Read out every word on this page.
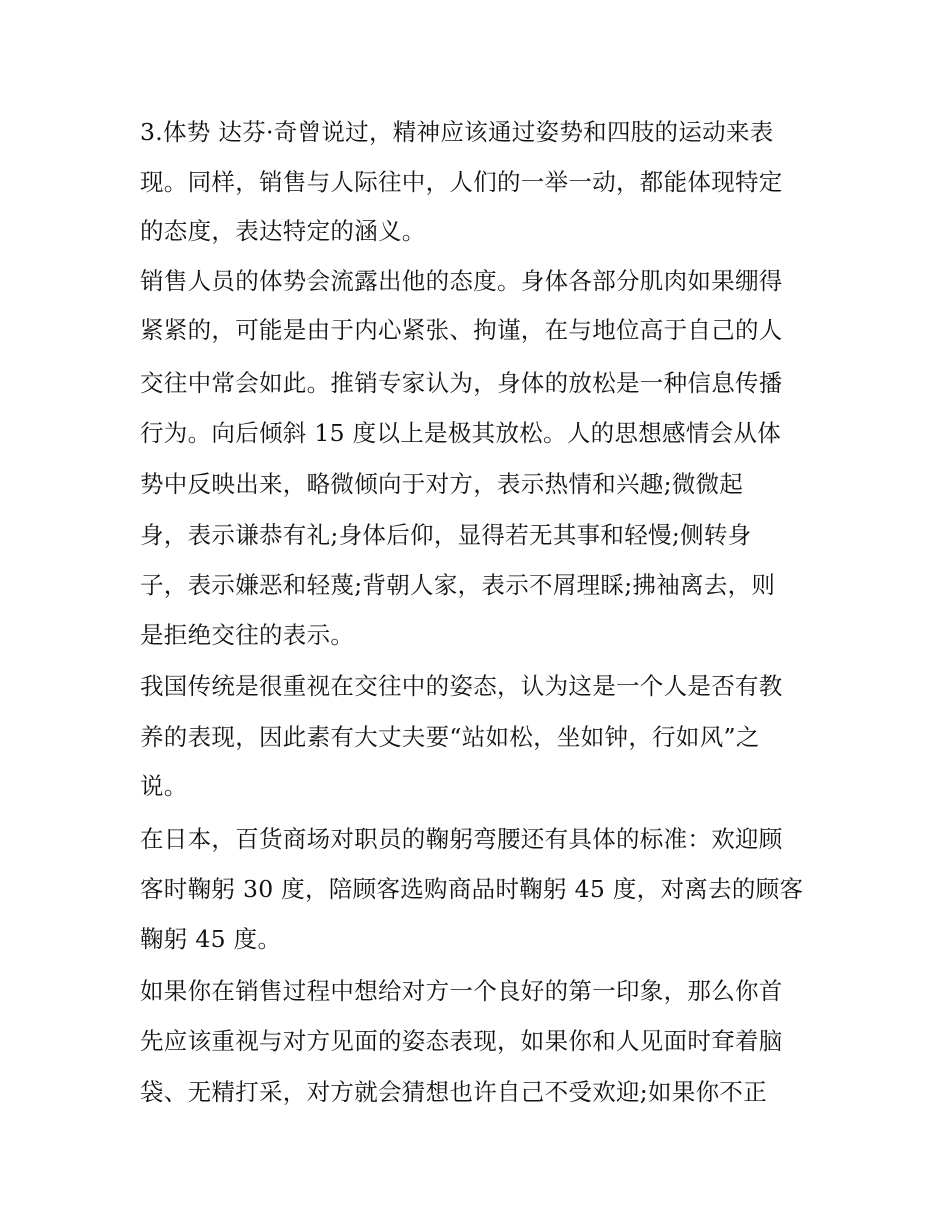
3.体势 达芬·奇曾说过，精神应该通过姿势和四肢的运动来表

现。同样，销售与人际往中，人们的一举一动，都能体现特定

的态度，表达特定的涵义。

销售人员的体势会流露出他的态度。身体各部分肌肉如果绷得

紧紧的，可能是由于内心紧张、拘谨，在与地位高于自己的人

交往中常会如此。推销专家认为，身体的放松是一种信息传播

行为。向后倾斜 15 度以上是极其放松。人的思想感情会从体

势中反映出来，略微倾向于对方，表示热情和兴趣;微微起

身，表示谦恭有礼;身体后仰，显得若无其事和轻慢;侧转身

子，表示嫌恶和轻蔑;背朝人家，表示不屑理睬;拂袖离去，则

是拒绝交往的表示。

我国传统是很重视在交往中的姿态，认为这是一个人是否有教

养的表现，因此素有大丈夫要“站如松，坐如钟，行如风”之

说。

在日本，百货商场对职员的鞠躬弯腰还有具体的标准：欢迎顾

客时鞠躬 30 度，陪顾客选购商品时鞠躬 45 度，对离去的顾客

鞠躬 45 度。

如果你在销售过程中想给对方一个良好的第一印象，那么你首

先应该重视与对方见面的姿态表现，如果你和人见面时耷着脑

袋、无精打采，对方就会猜想也许自己不受欢迎;如果你不正
